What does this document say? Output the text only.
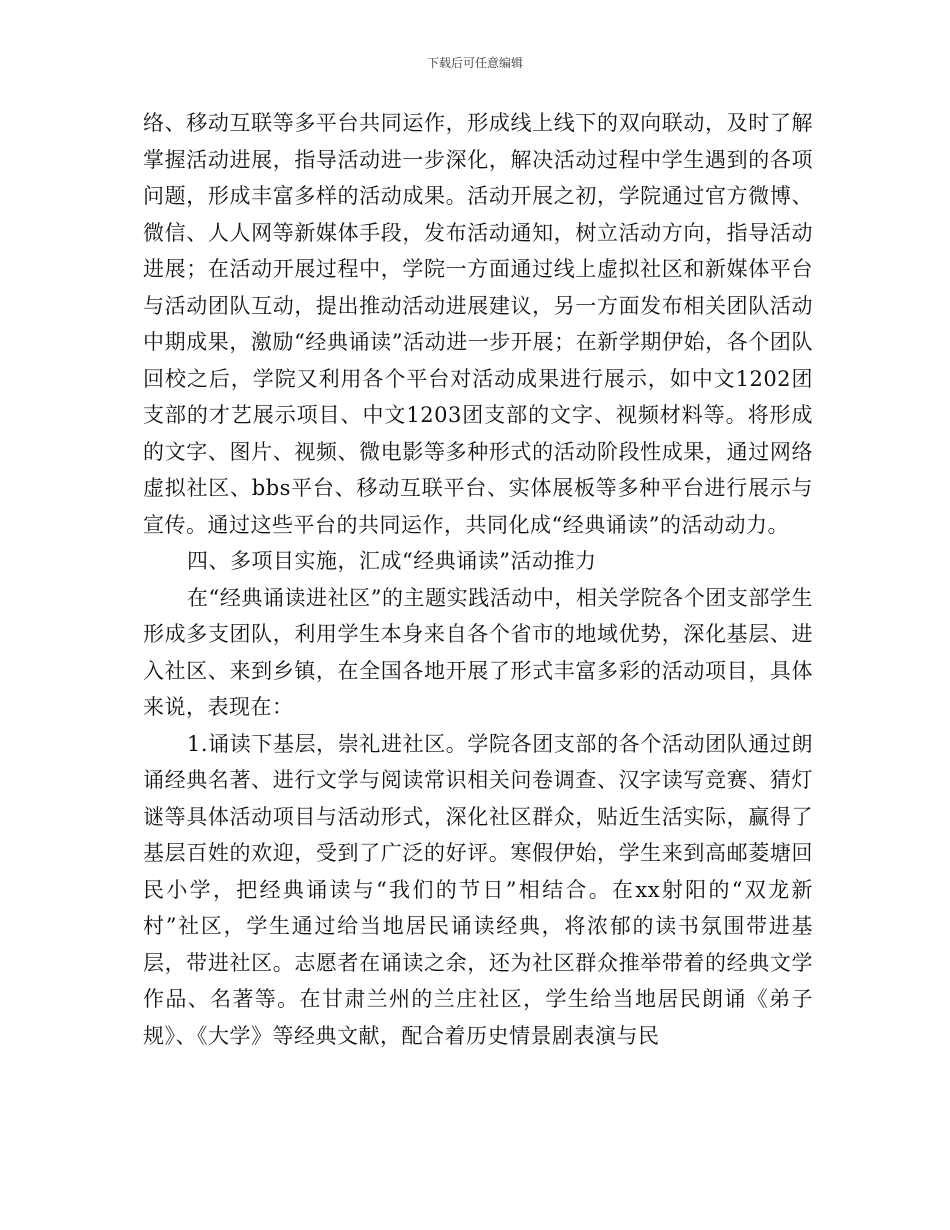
下载后可任意编辑

络、移动互联等多平台共同运作，形成线上线下的双向联动，及时了解掌握活动进展，指导活动进一步深化，解决活动过程中学生遇到的各项问题，形成丰富多样的活动成果。活动开展之初，学院通过官方微博、微信、人人网等新媒体手段，发布活动通知，树立活动方向，指导活动进展；在活动开展过程中，学院一方面通过线上虚拟社区和新媒体平台与活动团队互动，提出推动活动进展建议，另一方面发布相关团队活动中期成果，激励“经典诵读”活动进一步开展；在新学期伊始，各个团队回校之后，学院又利用各个平台对活动成果进行展示，如中文1202团支部的才艺展示项目、中文1203团支部的文字、视频材料等。将形成的文字、图片、视频、微电影等多种形式的活动阶段性成果，通过网络虚拟社区、bbs平台、移动互联平台、实体展板等多种平台进行展示与宣传。通过这些平台的共同运作，共同化成“经典诵读”的活动动力。

四、多项目实施，汇成“经典诵读”活动推力

在“经典诵读进社区”的主题实践活动中，相关学院各个团支部学生形成多支团队，利用学生本身来自各个省市的地域优势，深化基层、进入社区、来到乡镇，在全国各地开展了形式丰富多彩的活动项目，具体来说，表现在：

1.诵读下基层，崇礼进社区。学院各团支部的各个活动团队通过朗诵经典名著、进行文学与阅读常识相关问卷调查、汉字读写竞赛、猜灯谜等具体活动项目与活动形式，深化社区群众，贴近生活实际，赢得了基层百姓的欢迎，受到了广泛的好评。寒假伊始，学生来到高邮菱塘回民小学，把经典诵读与“我们的节日”相结合。在xx射阳的“双龙新村”社区，学生通过给当地居民诵读经典，将浓郁的读书氛围带进基层，带进社区。志愿者在诵读之余，还为社区群众推举带着的经典文学作品、名著等。在甘肃兰州的兰庄社区，学生给当地居民朗诵《弟子规》、《大学》等经典文献，配合着历史情景剧表演与民
